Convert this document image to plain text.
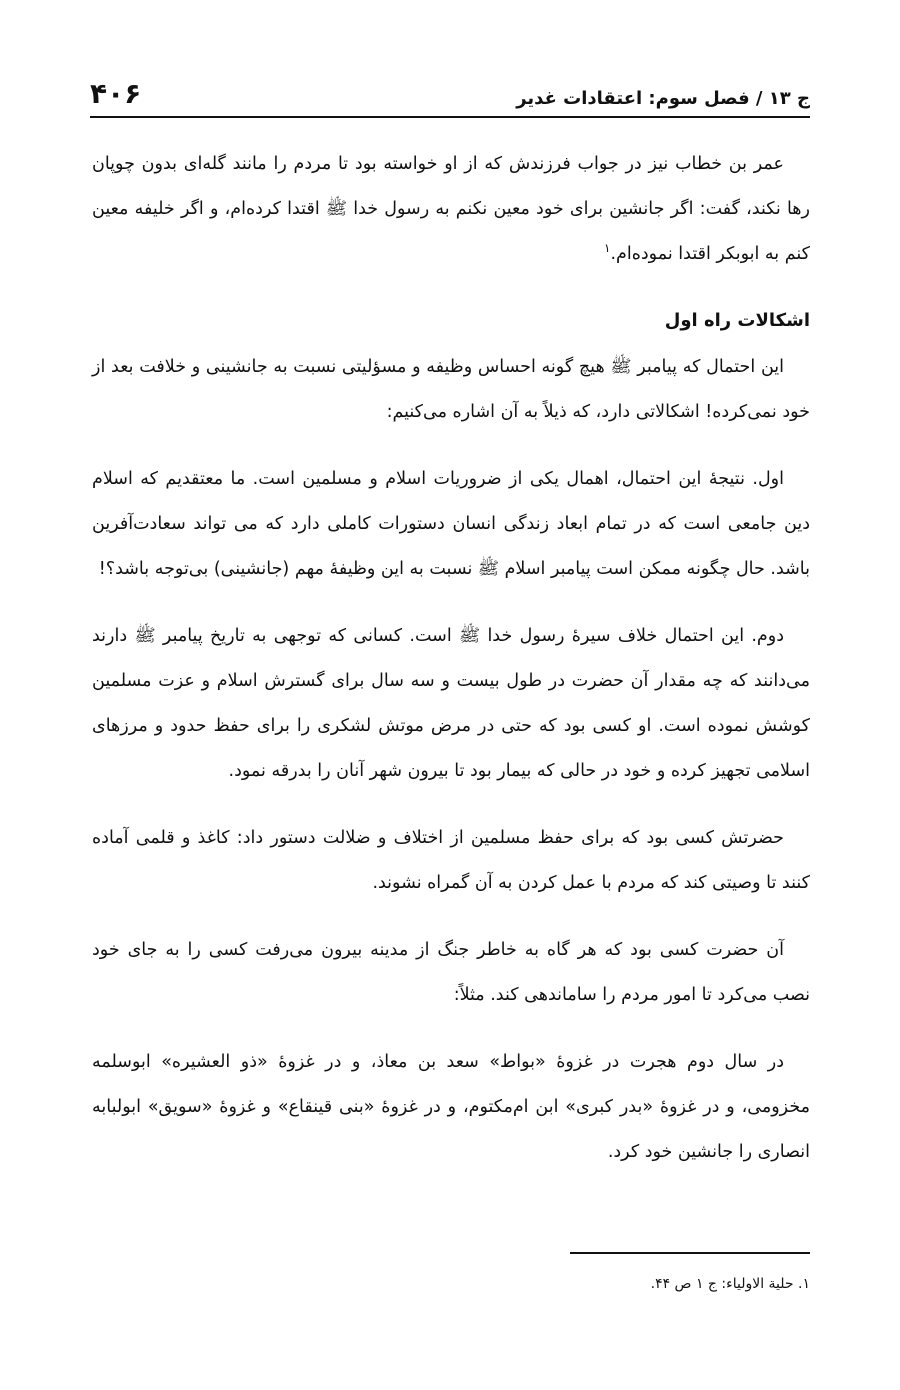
ج ۱۳ / فصل سوم: اعتقادات غدیر
۴۰۶

عمر بن خطاب نیز در جواب فرزندش که از او خواسته بود تا مردم را مانند گله‌ای بدون چوپان رها نکند، گفت: اگر جانشین برای خود معین نکنم به رسول خدا ﷺ اقتدا کرده‌ام، و اگر خلیفه معین کنم به ابوبکر اقتدا نموده‌ام.$^۱$

اشکالات راه اول

این احتمال که پیامبر ﷺ هیچ گونه احساس وظیفه و مسؤلیتی نسبت به جانشینی و خلافت بعد از خود نمی‌کرده! اشکالاتی دارد، که ذیلاً به آن اشاره می‌کنیم:

اول. نتیجهٔ این احتمال، اهمال یکی از ضروریات اسلام و مسلمین است. ما معتقدیم که اسلام دین جامعی است که در تمام ابعاد زندگی انسان دستورات کاملی دارد که می تواند سعادت‌آفرین باشد. حال چگونه ممکن است پیامبر اسلام ﷺ نسبت به این وظیفهٔ مهم (جانشینی) بی‌توجه باشد؟!

دوم. این احتمال خلاف سیرهٔ رسول خدا ﷺ است. کسانی که توجهی به تاریخ پیامبر ﷺ دارند می‌دانند که چه مقدار آن حضرت در طول بیست و سه سال برای گسترش اسلام و عزت مسلمین کوشش نموده است. او کسی بود که حتی در مرض موتش لشکری را برای حفظ حدود و مرزهای اسلامی تجهیز کرده و خود در حالی که بیمار بود تا بیرون شهر آنان را بدرقه نمود.

حضرتش کسی بود که برای حفظ مسلمین از اختلاف و ضلالت دستور داد: کاغذ و قلمی آماده کنند تا وصیتی کند که مردم با عمل کردن به آن گمراه نشوند.

آن حضرت کسی بود که هر گاه به خاطر جنگ از مدینه بیرون می‌رفت کسی را به جای خود نصب می‌کرد تا امور مردم را ساماندهی کند. مثلاً:

در سال دوم هجرت در غزوهٔ «بواط» سعد بن معاذ، و در غزوهٔ «ذو العشیره» ابوسلمه مخزومی، و در غزوهٔ «بدر کبری» ابن ام‌مکتوم، و در غزوهٔ «بنی قینقاع» و غزوهٔ «سویق» ابولبابه انصاری را جانشین خود کرد.

۱. حلیة الاولیاء: ج ۱ ص ۴۴.
